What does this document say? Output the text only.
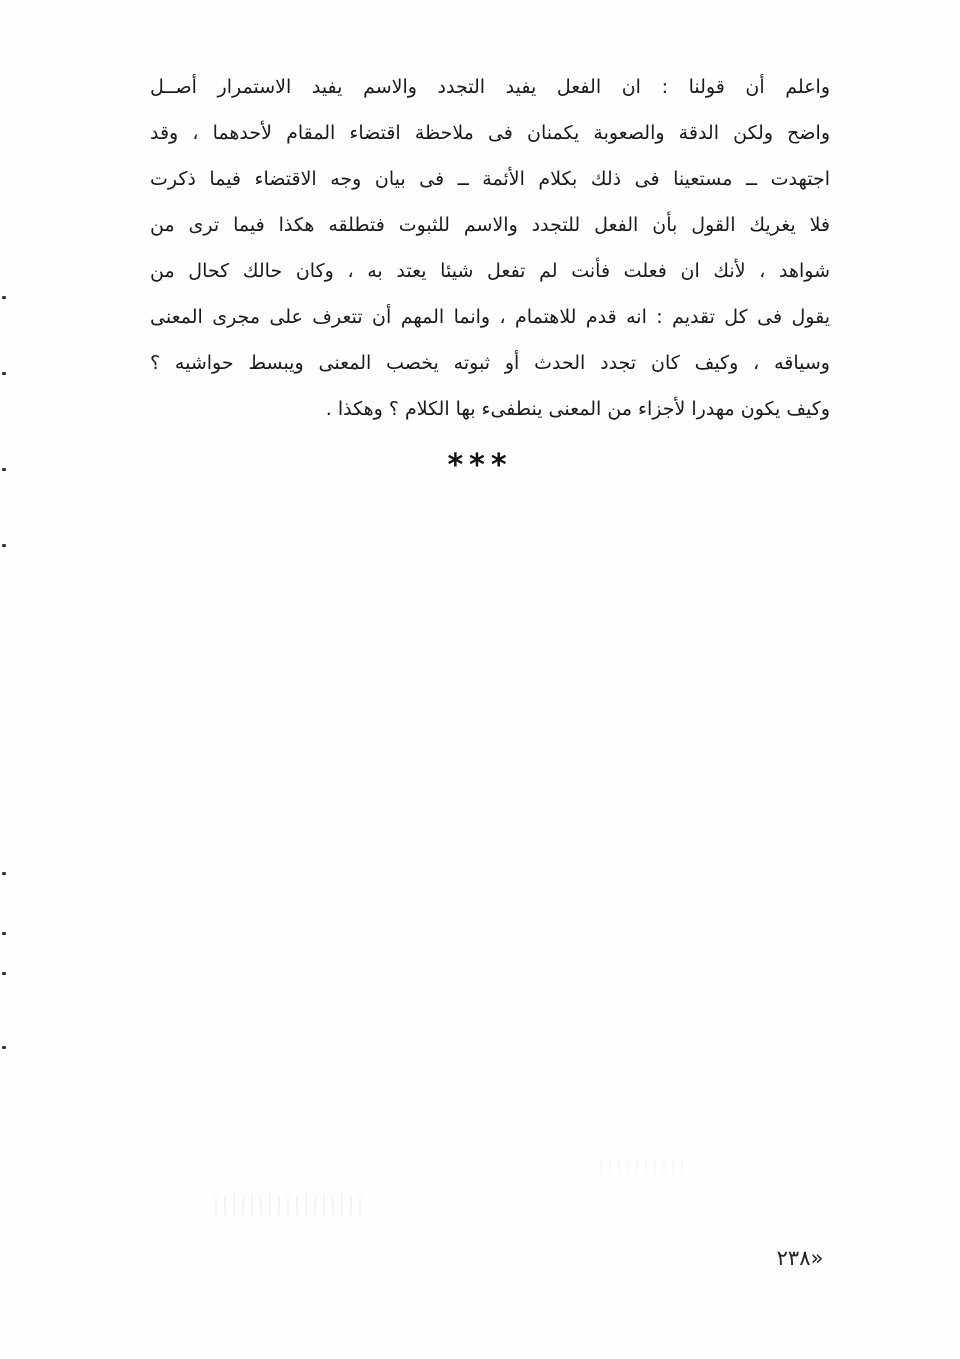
واعلم أن قولنا : ان الفعل يفيد التجدد والاسم يفيد الاستمرار أصــل
واضح ولكن الدقة والصعوبة يكمنان فى ملاحظة اقتضاء المقام لأحدهما ، وقد
اجتهدت ــ مستعينا فى ذلك بكلام الأئمة ــ فى بيان وجه الاقتضاء فيما ذكرت
فلا يغريك القول بأن الفعل للتجدد والاسم للثبوت فتطلقه هكذا فيما ترى من
شواهد ، لأنك ان فعلت فأنت لم تفعل شيئا يعتد به ، وكان حالك كحال من
يقول فى كل تقديم : انه قدم للاهتمام ، وانما المهم أن تتعرف على مجرى المعنى
وسياقه ، وكيف كان تجدد الحدث أو ثبوته يخصب المعنى ويبسط حواشيه ؟
وكيف يكون مهدرا لأجزاء من المعنى ينطفىء بها الكلام ؟ وهكذا .
***
«٢٣٨
